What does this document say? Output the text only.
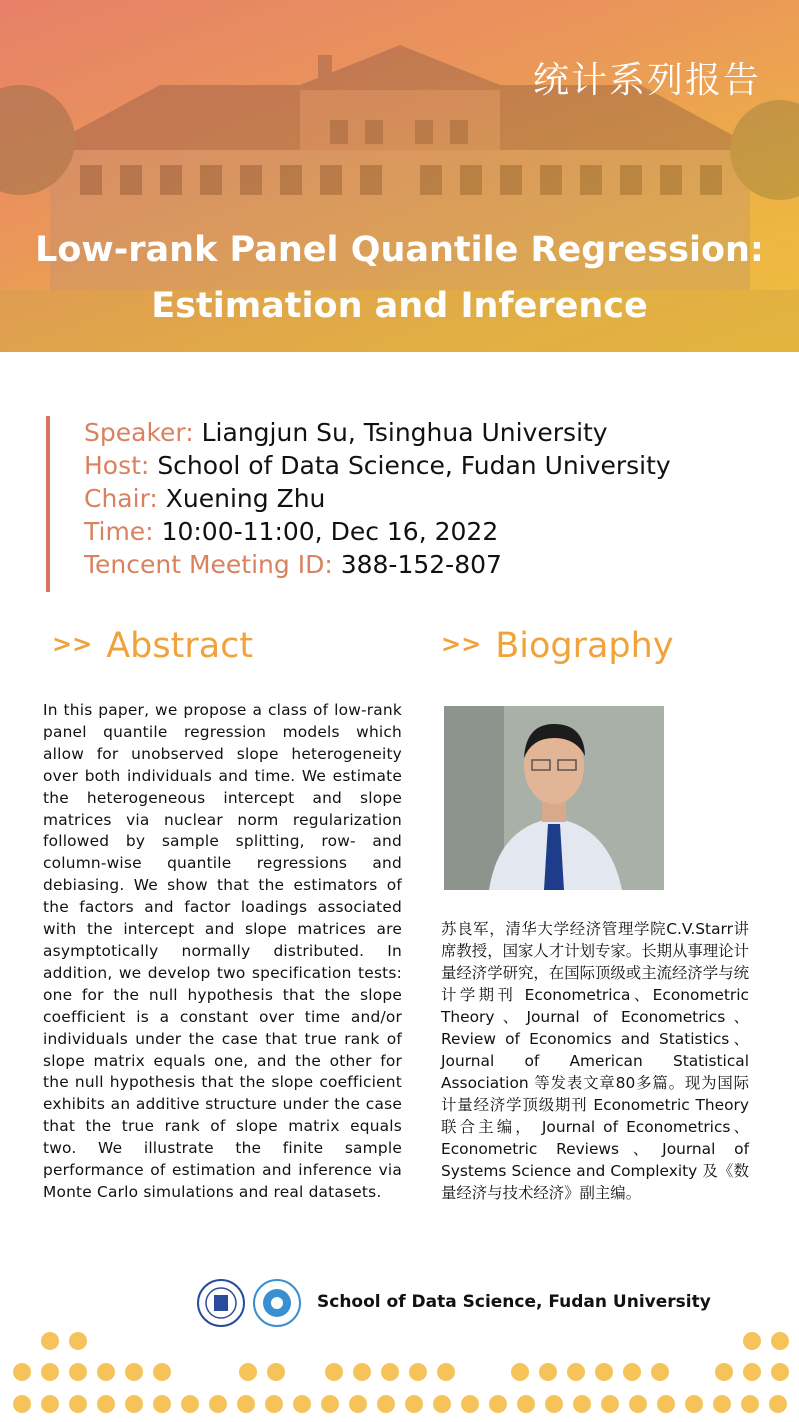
统计系列报告
Low-rank Panel Quantile Regression:
Estimation and Inference
Speaker: Liangjun Su, Tsinghua University
Host: School of Data Science, Fudan University
Chair: Xuening Zhu
Time: 10:00-11:00, Dec 16, 2022
Tencent Meeting ID: 388-152-807
>> Abstract
In this paper, we propose a class of low-rank panel quantile regression models which allow for unobserved slope heterogeneity over both individuals and time. We estimate the heterogeneous intercept and slope matrices via nuclear norm regularization followed by sample splitting, row- and column-wise quantile regressions and debiasing. We show that the estimators of the factors and factor loadings associated with the intercept and slope matrices are asymptotically normally distributed. In addition, we develop two specification tests: one for the null hypothesis that the slope coefficient is a constant over time and/or individuals under the case that true rank of slope matrix equals one, and the other for the null hypothesis that the slope coefficient exhibits an additive structure under the case that the true rank of slope matrix equals two. We illustrate the finite sample performance of estimation and inference via Monte Carlo simulations and real datasets.
>> Biography
苏良军，清华大学经济管理学院C.V.Starr讲席教授，国家人才计划专家。长期从事理论计量经济学研究，在国际顶级或主流经济学与统计学期刊 Econometrica、Econometric Theory、Journal of Econometrics、Review of Economics and Statistics、Journal of American Statistical Association 等发表文章80多篇。现为国际计量经济学顶级期刊 Econometric Theory 联合主编， Journal of Econometrics、Econometric Reviews、Journal of Systems Science and Complexity 及《数量经济与技术经济》副主编。
School of Data Science, Fudan University
